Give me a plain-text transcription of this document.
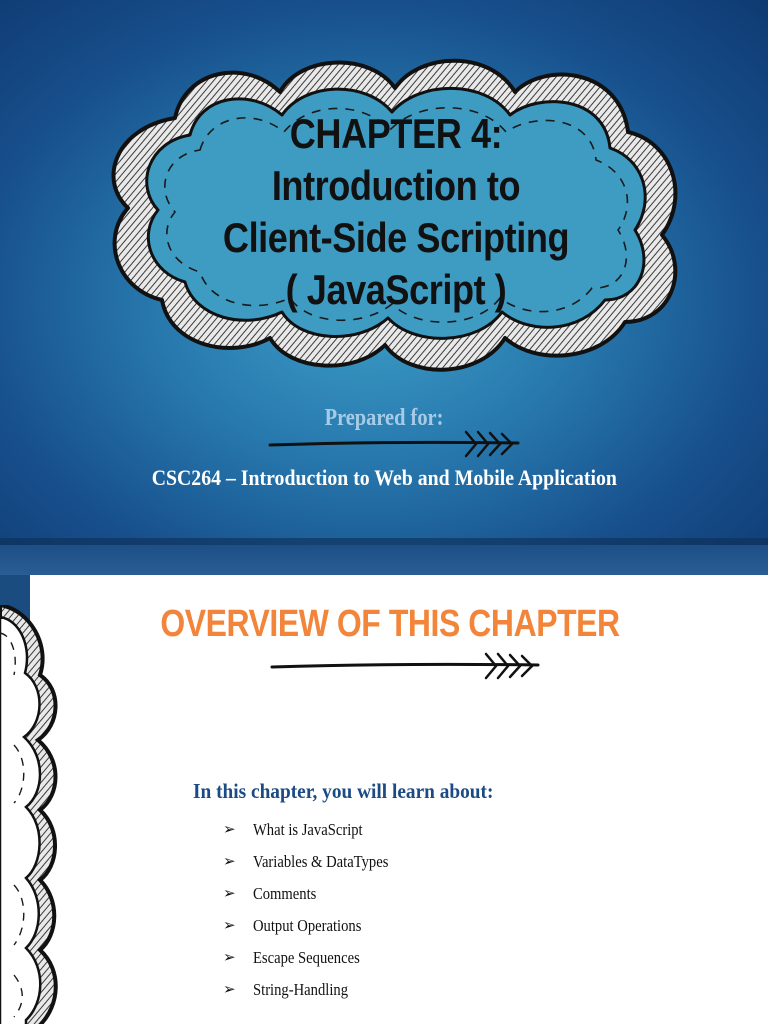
CHAPTER 4:
Introduction to
Client-Side Scripting
( JavaScript )
Prepared for:
CSC264 – Introduction to Web and Mobile Application
OVERVIEW OF THIS CHAPTER
In this chapter, you will learn about:
➢	What is JavaScript
➢	Variables & DataTypes
➢	Comments
➢	Output Operations
➢	Escape Sequences
➢	String-Handling
